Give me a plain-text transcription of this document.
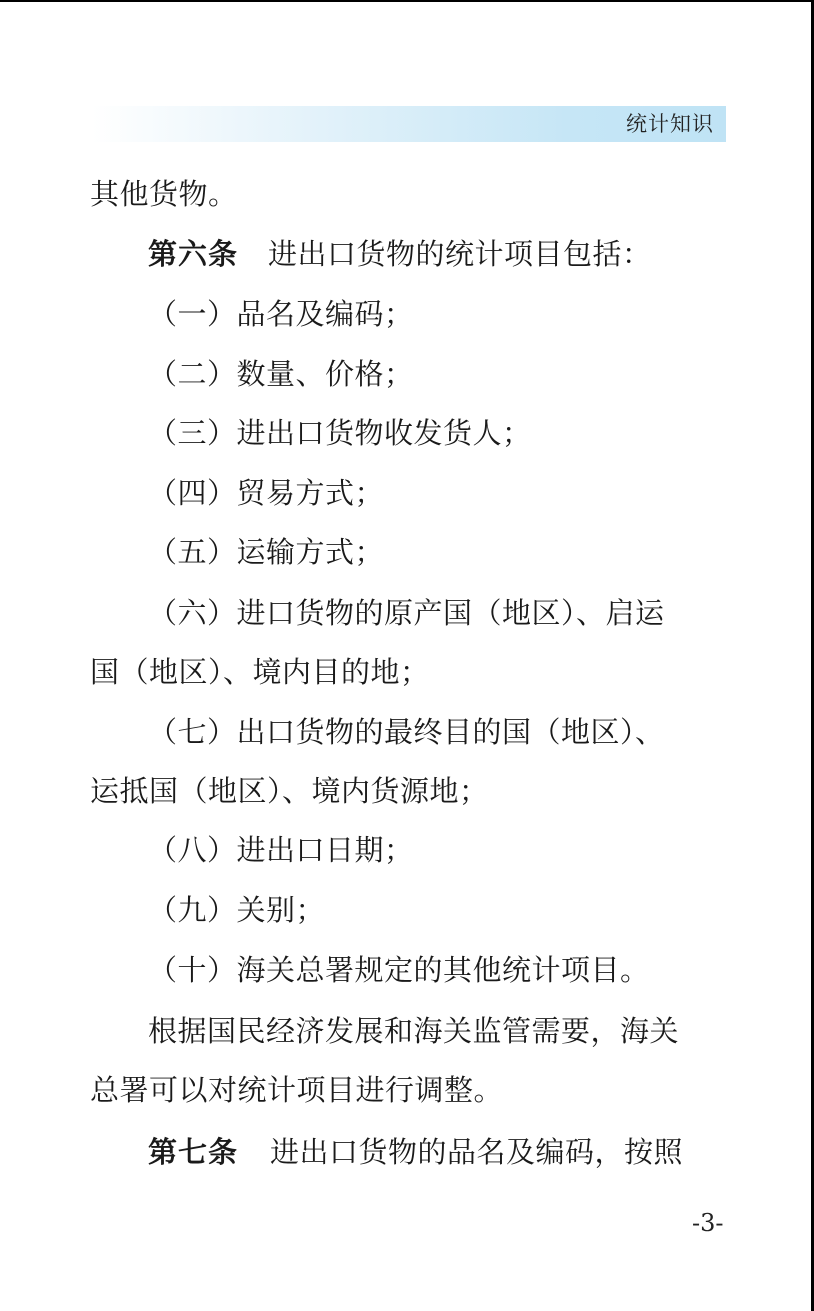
统计知识
其他货物。
第六条 进出口货物的统计项目包括：
（一）品名及编码；
（二）数量、价格；
（三）进出口货物收发货人；
（四）贸易方式；
（五）运输方式；
（六）进口货物的原产国（地区）、启运
国（地区）、境内目的地；
（七）出口货物的最终目的国（地区）、
运抵国（地区）、境内货源地；
（八）进出口日期；
（九）关别；
（十）海关总署规定的其他统计项目。
根据国民经济发展和海关监管需要，海关
总署可以对统计项目进行调整。
第七条 进出口货物的品名及编码，按照
-3-
